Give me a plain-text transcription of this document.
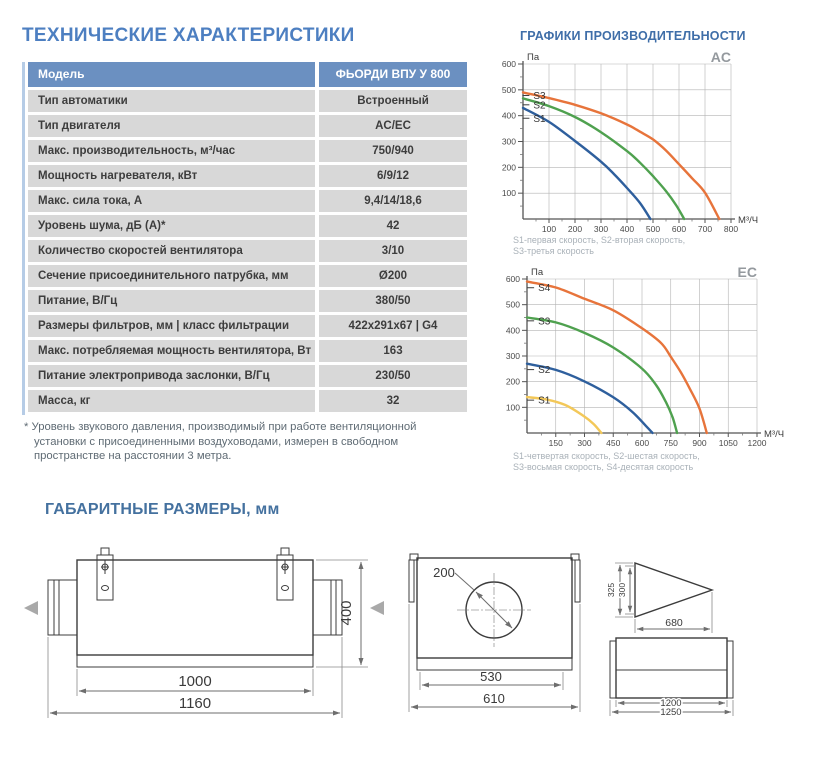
ТЕХНИЧЕСКИЕ ХАРАКТЕРИСТИКИ	ГРАФИКИ ПРОИЗВОДИТЕЛЬНОСТИ
ГАБАРИТНЫЕ РАЗМЕРЫ, мм
Модель	ФЬОРДИ ВПУ У 800
Тип автоматики	Встроенный
Тип двигателя	AC/EC
Макс. производительность, м³/час	750/940
Мощность нагревателя, кВт	6/9/12
Макс. сила тока, А	9,4/14/18,6
Уровень шума, дБ (А)*	42
Количество скоростей вентилятора	3/10
Сечение присоединительного патрубка, мм	Ø200
Питание, В/Гц	380/50
Размеры фильтров, мм | класс фильтрации	422x291x67 | G4
Макс. потребляемая мощность вентилятора, Вт	163
Питание электропривода заслонки, В/Гц	230/50
Масса, кг	32
* Уровень звукового давления, производимый при работе вентиляционной установки с присоединенными воздуховодами, измерен в свободном пространстве на расстоянии 3 метра.
100 200 300 400 500 600 700 800
100
200
300
400
500
600
Па
М³/Ч
AC
S1
S2
S3
S1-первая скорость, S2-вторая скорость,
S3-третья скорость
150 300 450 600 750 900 1050 1200
100
200
300
400
500
600
Па
М³/Ч
EC
S1
S2
S3
S4
S1-четвертая скорость, S2-шестая скорость,
S3-восьмая скорость, S4-десятая скорость
400
1000
1160
200
530
610
325 300
680
1200
1250
